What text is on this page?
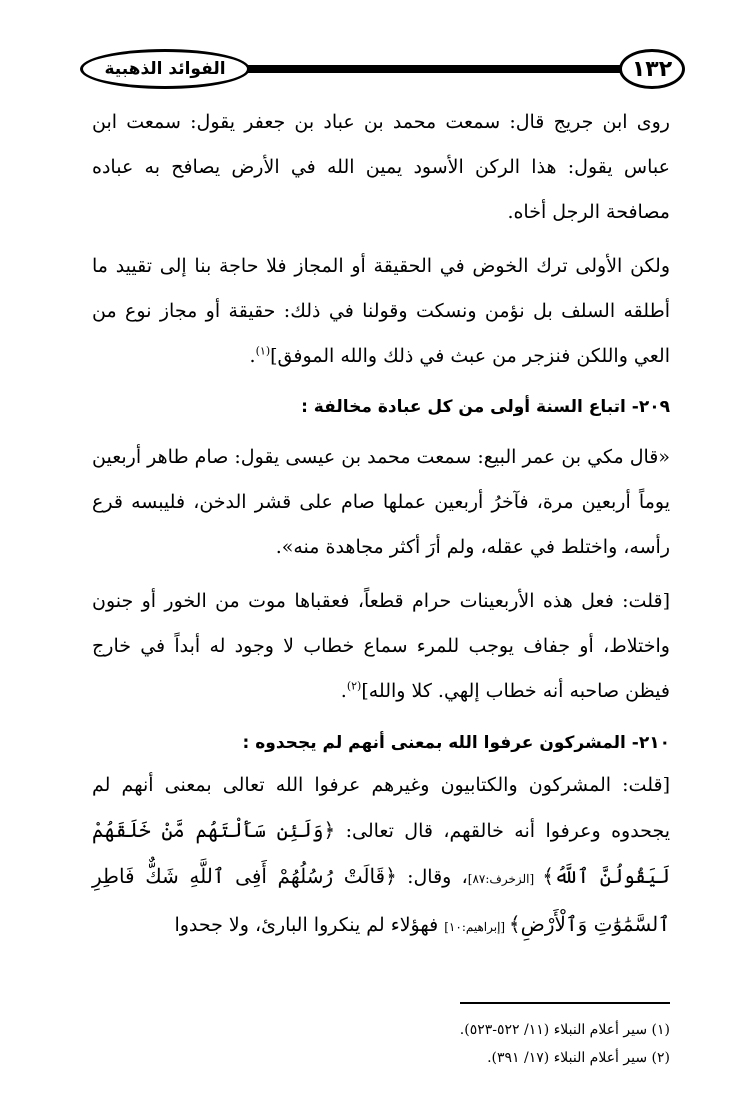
١٣٢
الفوائد الذهبية

روى ابن جريج قال: سمعت محمد بن عباد بن جعفر يقول: سمعت ابن عباس يقول: هذا الركن الأسود يمين الله في الأرض يصافح به عباده مصافحة الرجل أخاه.

ولكن الأولى ترك الخوض في الحقيقة أو المجاز فلا حاجة بنا إلى تقييد ما أطلقه السلف بل نؤمن ونسكت وقولنا في ذلك: حقيقة أو مجاز نوع من العي واللكن فنزجر من عبث في ذلك والله الموفق]$^{(١)}$.

٢٠٩- اتباع السنة أولى من كل عبادة مخالفة :

«قال مكي بن عمر البيع: سمعت محمد بن عيسى يقول: صام طاهر أربعين يوماً أربعين مرة، فآخرُ أربعين عملها صام على قشر الدخن، فليبسه قرع رأسه، واختلط في عقله، ولم أرَ أكثر مجاهدة منه».

[قلت: فعل هذه الأربعينات حرام قطعاً، فعقباها موت من الخور أو جنون واختلاط، أو جفاف يوجب للمرء سماع خطاب لا وجود له أبداً في خارج فيظن صاحبه أنه خطاب إلهي. كلا والله]$^{(٢)}$.

٢١٠- المشركون عرفوا الله بمعنى أنهم لم يجحدوه :

[قلت: المشركون والكتابيون وغيرهم عرفوا الله تعالى بمعنى أنهم لم يجحدوه وعرفوا أنه خالقهم، قال تعالى: ﴿وَلَئِن سَأَلْتَهُم مَّنْ خَلَقَهُمْ لَيَقُولُنَّ ٱللَّهُ﴾ [الزخرف:٨٧]، وقال: ﴿قَالَتْ رُسُلُهُمْ أَفِى ٱللَّهِ شَكٌّ فَاطِرِ ٱلسَّمَٰوَٰتِ وَٱلْأَرْضِ﴾ [إبراهيم:١٠] فهؤلاء لم ينكروا البارئ، ولا جحدوا

(١) سير أعلام النبلاء (١١/ ٥٢٢-٥٢٣).

(٢) سير أعلام النبلاء (١٧/ ٣٩١).
